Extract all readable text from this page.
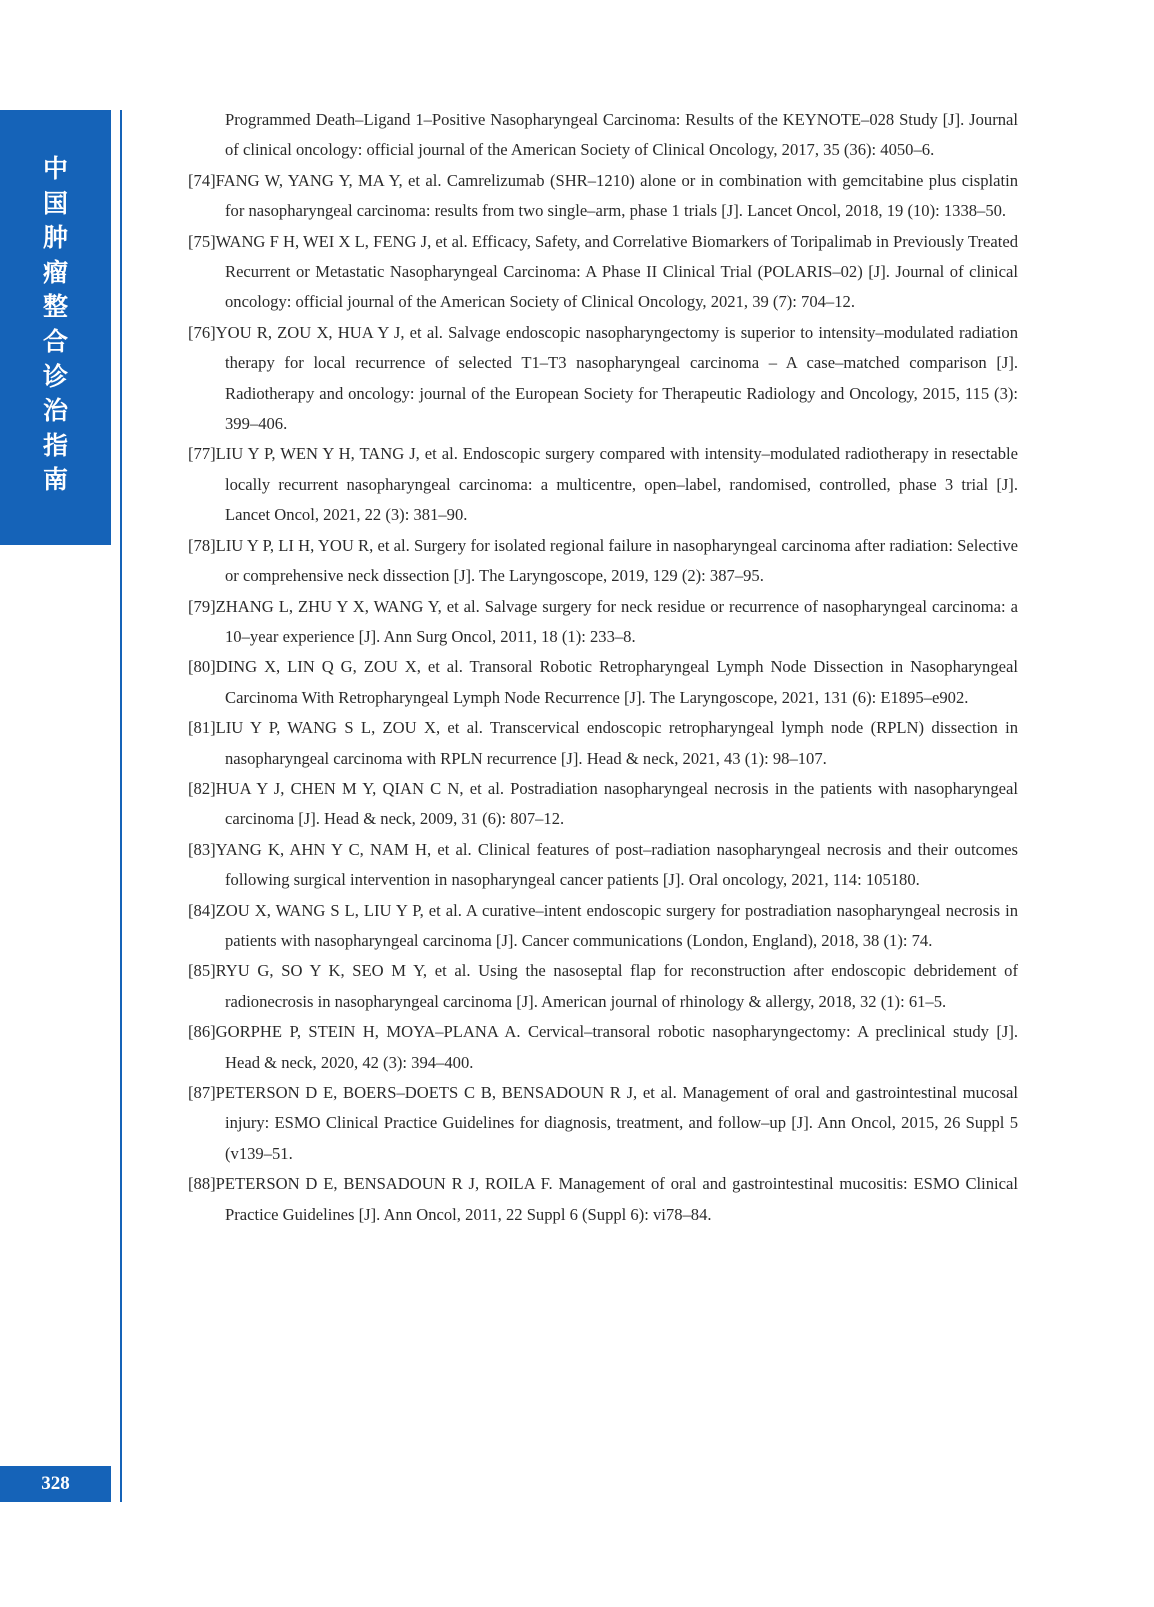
中
国
肿
瘤
整
合
诊
治
指
南
328
Programmed Death–Ligand 1–Positive Nasopharyngeal Carcinoma: Results of the KEYNOTE–028 Study [J]. Journal of clinical oncology: official journal of the American Society of Clinical Oncology, 2017, 35 (36): 4050–6.
[74]FANG W, YANG Y, MA Y, et al. Camrelizumab (SHR–1210) alone or in combination with gemcitabine plus cisplatin for nasopharyngeal carcinoma: results from two single–arm, phase 1 trials [J]. Lancet Oncol, 2018, 19 (10): 1338–50.
[75]WANG F H, WEI X L, FENG J, et al. Efficacy, Safety, and Correlative Biomarkers of Toripalimab in Previously Treated Recurrent or Metastatic Nasopharyngeal Carcinoma: A Phase II Clinical Trial (POLARIS–02) [J]. Journal of clinical oncology: official journal of the American Society of Clinical Oncology, 2021, 39 (7): 704–12.
[76]YOU R, ZOU X, HUA Y J, et al. Salvage endoscopic nasopharyngectomy is superior to intensity–modulated radiation therapy for local recurrence of selected T1–T3 nasopharyngeal carcinoma – A case–matched comparison [J]. Radiotherapy and oncology: journal of the European Society for Therapeutic Radiology and Oncology, 2015, 115 (3): 399–406.
[77]LIU Y P, WEN Y H, TANG J, et al. Endoscopic surgery compared with intensity–modulated radiotherapy in resectable locally recurrent nasopharyngeal carcinoma: a multicentre, open–label, randomised, controlled, phase 3 trial [J]. Lancet Oncol, 2021, 22 (3): 381–90.
[78]LIU Y P, LI H, YOU R, et al. Surgery for isolated regional failure in nasopharyngeal carcinoma after radiation: Selective or comprehensive neck dissection [J]. The Laryngoscope, 2019, 129 (2): 387–95.
[79]ZHANG L, ZHU Y X, WANG Y, et al. Salvage surgery for neck residue or recurrence of nasopharyngeal carcinoma: a 10–year experience [J]. Ann Surg Oncol, 2011, 18 (1): 233–8.
[80]DING X, LIN Q G, ZOU X, et al. Transoral Robotic Retropharyngeal Lymph Node Dissection in Nasopharyngeal Carcinoma With Retropharyngeal Lymph Node Recurrence [J]. The Laryngoscope, 2021, 131 (6): E1895–e902.
[81]LIU Y P, WANG S L, ZOU X, et al. Transcervical endoscopic retropharyngeal lymph node (RPLN) dissection in nasopharyngeal carcinoma with RPLN recurrence [J]. Head & neck, 2021, 43 (1): 98–107.
[82]HUA Y J, CHEN M Y, QIAN C N, et al. Postradiation nasopharyngeal necrosis in the patients with nasopharyngeal carcinoma [J]. Head & neck, 2009, 31 (6): 807–12.
[83]YANG K, AHN Y C, NAM H, et al. Clinical features of post–radiation nasopharyngeal necrosis and their outcomes following surgical intervention in nasopharyngeal cancer patients [J]. Oral oncology, 2021, 114: 105180.
[84]ZOU X, WANG S L, LIU Y P, et al. A curative–intent endoscopic surgery for postradiation nasopharyngeal necrosis in patients with nasopharyngeal carcinoma [J]. Cancer communications (London, England), 2018, 38 (1): 74.
[85]RYU G, SO Y K, SEO M Y, et al. Using the nasoseptal flap for reconstruction after endoscopic debridement of radionecrosis in nasopharyngeal carcinoma [J]. American journal of rhinology & allergy, 2018, 32 (1): 61–5.
[86]GORPHE P, STEIN H, MOYA–PLANA A. Cervical–transoral robotic nasopharyngectomy: A preclinical study [J]. Head & neck, 2020, 42 (3): 394–400.
[87]PETERSON D E, BOERS–DOETS C B, BENSADOUN R J, et al. Management of oral and gastrointestinal mucosal injury: ESMO Clinical Practice Guidelines for diagnosis, treatment, and follow–up [J]. Ann Oncol, 2015, 26 Suppl 5 (v139–51.
[88]PETERSON D E, BENSADOUN R J, ROILA F. Management of oral and gastrointestinal mucositis: ESMO Clinical Practice Guidelines [J]. Ann Oncol, 2011, 22 Suppl 6 (Suppl 6): vi78–84.
